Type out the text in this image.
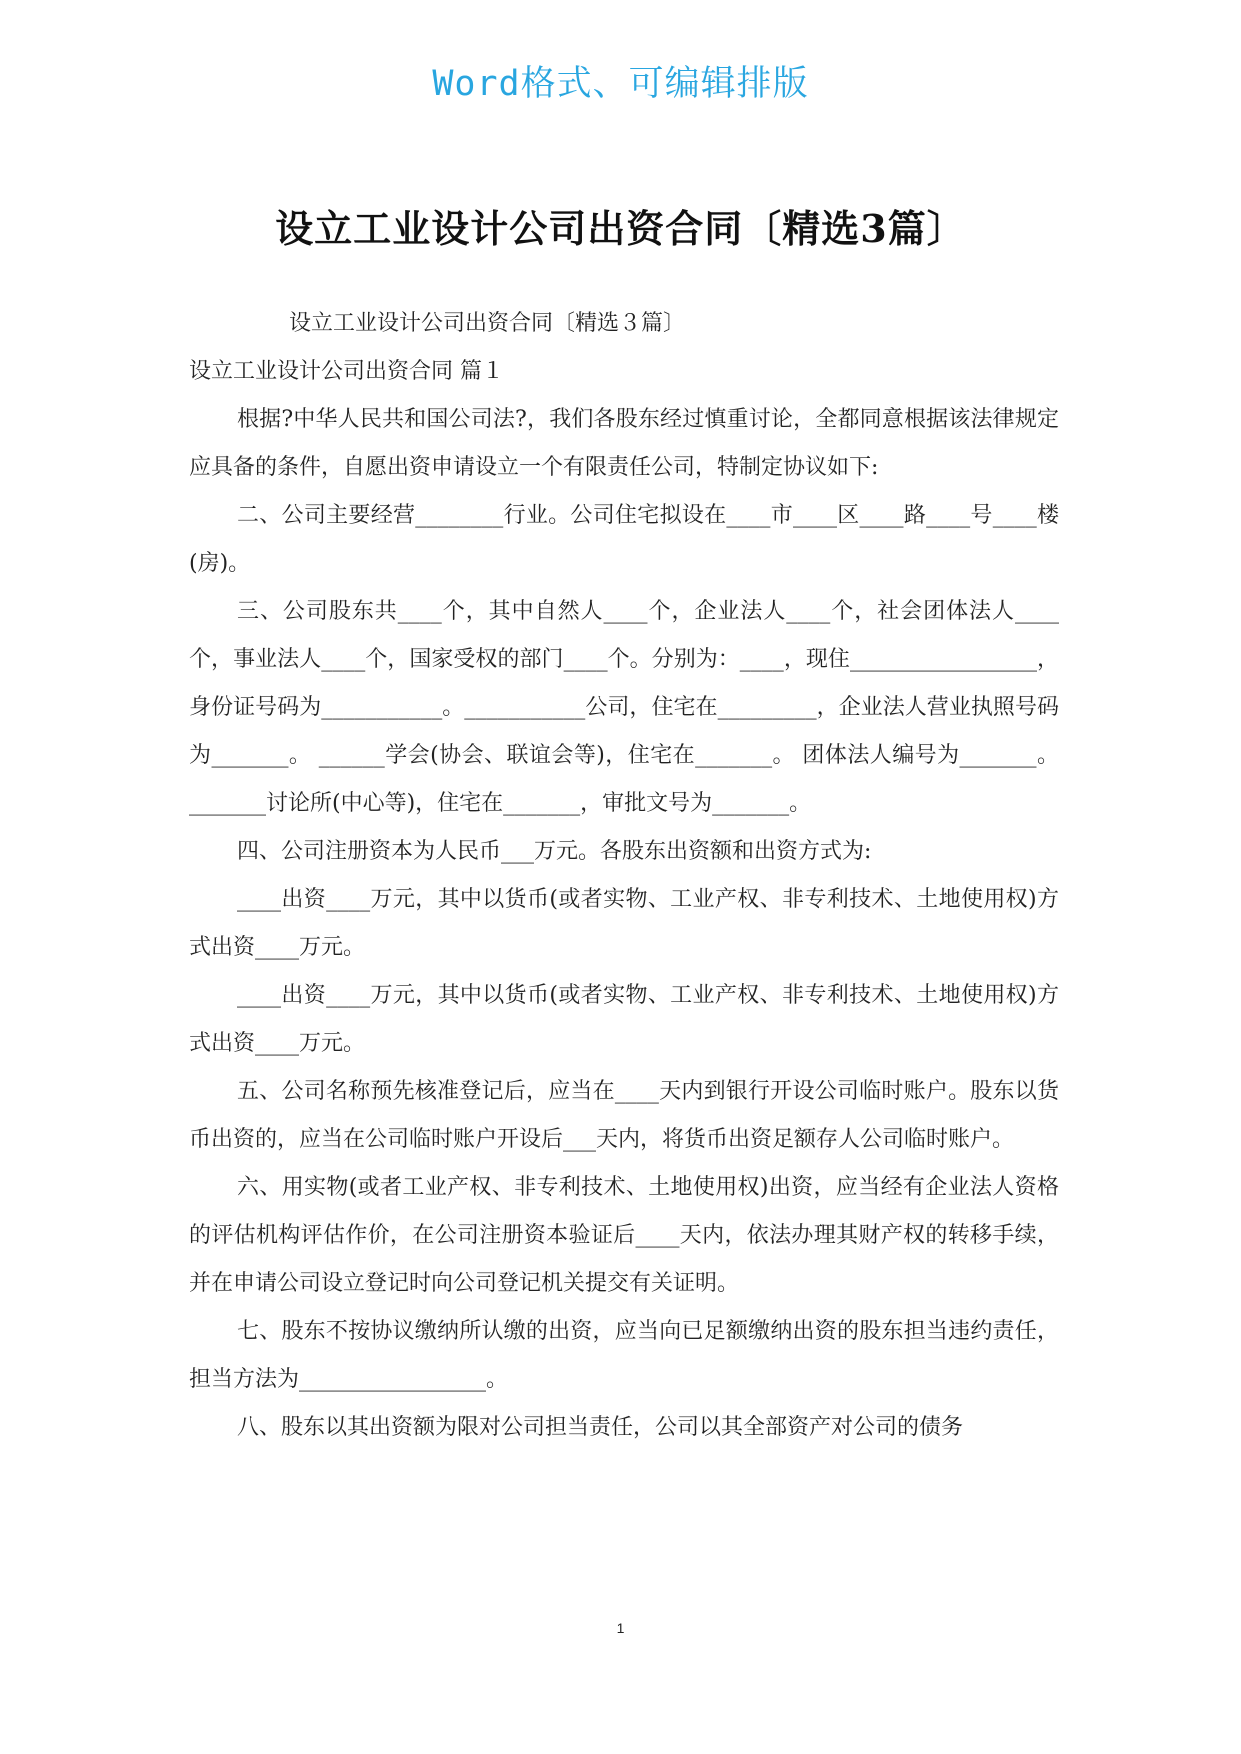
Word格式、可编辑排版
设立工业设计公司出资合同〔精选3篇〕

设立工业设计公司出资合同〔精选３篇〕

设立工业设计公司出资合同 篇１

根据?中华人民共和国公司法?，我们各股东经过慎重讨论，全都同意根据该法律规定应具备的条件，自愿出资申请设立一个有限责任公司，特制定协议如下:

二、公司主要经营________行业。公司住宅拟设在____市____区____路____号____楼(房)。

三、公司股东共____个，其中自然人____个，企业法人____个，社会团体法人____个，事业法人____个，国家受权的部门____个。分别为：____，现住_________________，身份证号码为___________。___________公司，住宅在_________，企业法人营业执照号码为_______。 ______学会(协会、联谊会等)，住宅在_______。 团体法人编号为_______。_______讨论所(中心等)，住宅在_______，审批文号为_______。

四、公司注册资本为人民币___万元。各股东出资额和出资方式为:

____出资____万元，其中以货币(或者实物、工业产权、非专利技术、土地使用权)方式出资____万元。

____出资____万元，其中以货币(或者实物、工业产权、非专利技术、土地使用权)方式出资____万元。

五、公司名称预先核准登记后，应当在____天内到银行开设公司临时账户。股东以货币出资的，应当在公司临时账户开设后___天内，将货币出资足额存人公司临时账户。

六、用实物(或者工业产权、非专利技术、土地使用权)出资，应当经有企业法人资格的评估机构评估作价，在公司注册资本验证后____天内，依法办理其财产权的转移手续，并在申请公司设立登记时向公司登记机关提交有关证明。

七、股东不按协议缴纳所认缴的出资，应当向已足额缴纳出资的股东担当违约责任，担当方法为_________________。

八、股东以其出资额为限对公司担当责任，公司以其全部资产对公司的债务

1
